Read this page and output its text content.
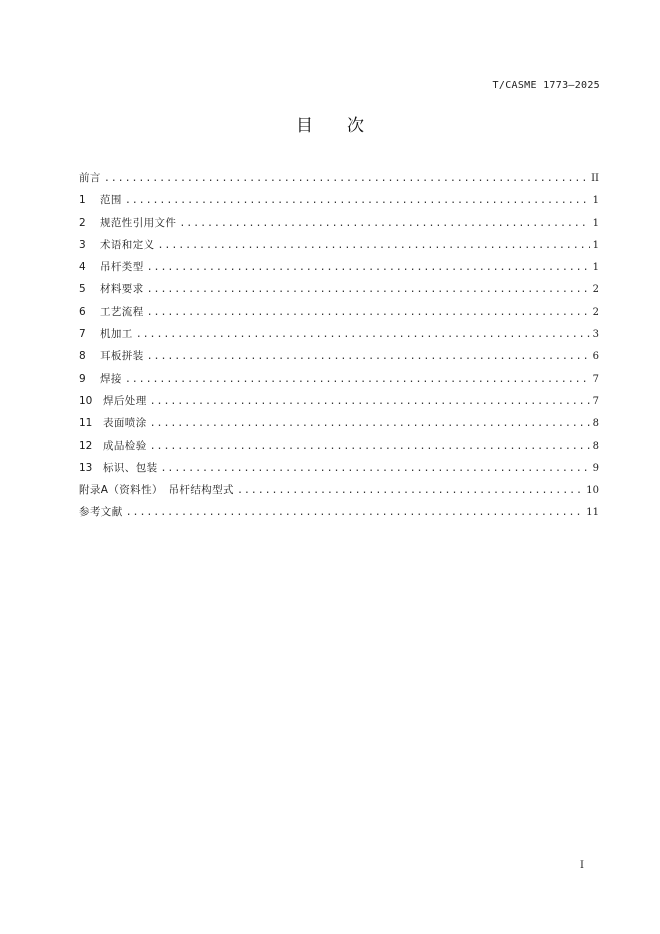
T/CASME 1773—2025
目次
前言 .....	II
1	范围 .....	1
2	规范性引用文件 .....	1
3	术语和定义 .....	1
4	吊杆类型 .....	1
5	材料要求 .....	2
6	工艺流程 .....	2
7	机加工 .....	3
8	耳板拼装 .....	6
9	焊接 .....	7
10	焊后处理 .....	7
11	表面喷涂 .....	8
12	成品检验 .....	8
13	标识、包装 .....	9
附录A（资料性）　吊杆结构型式 .....	10
参考文献 .....	11
I
